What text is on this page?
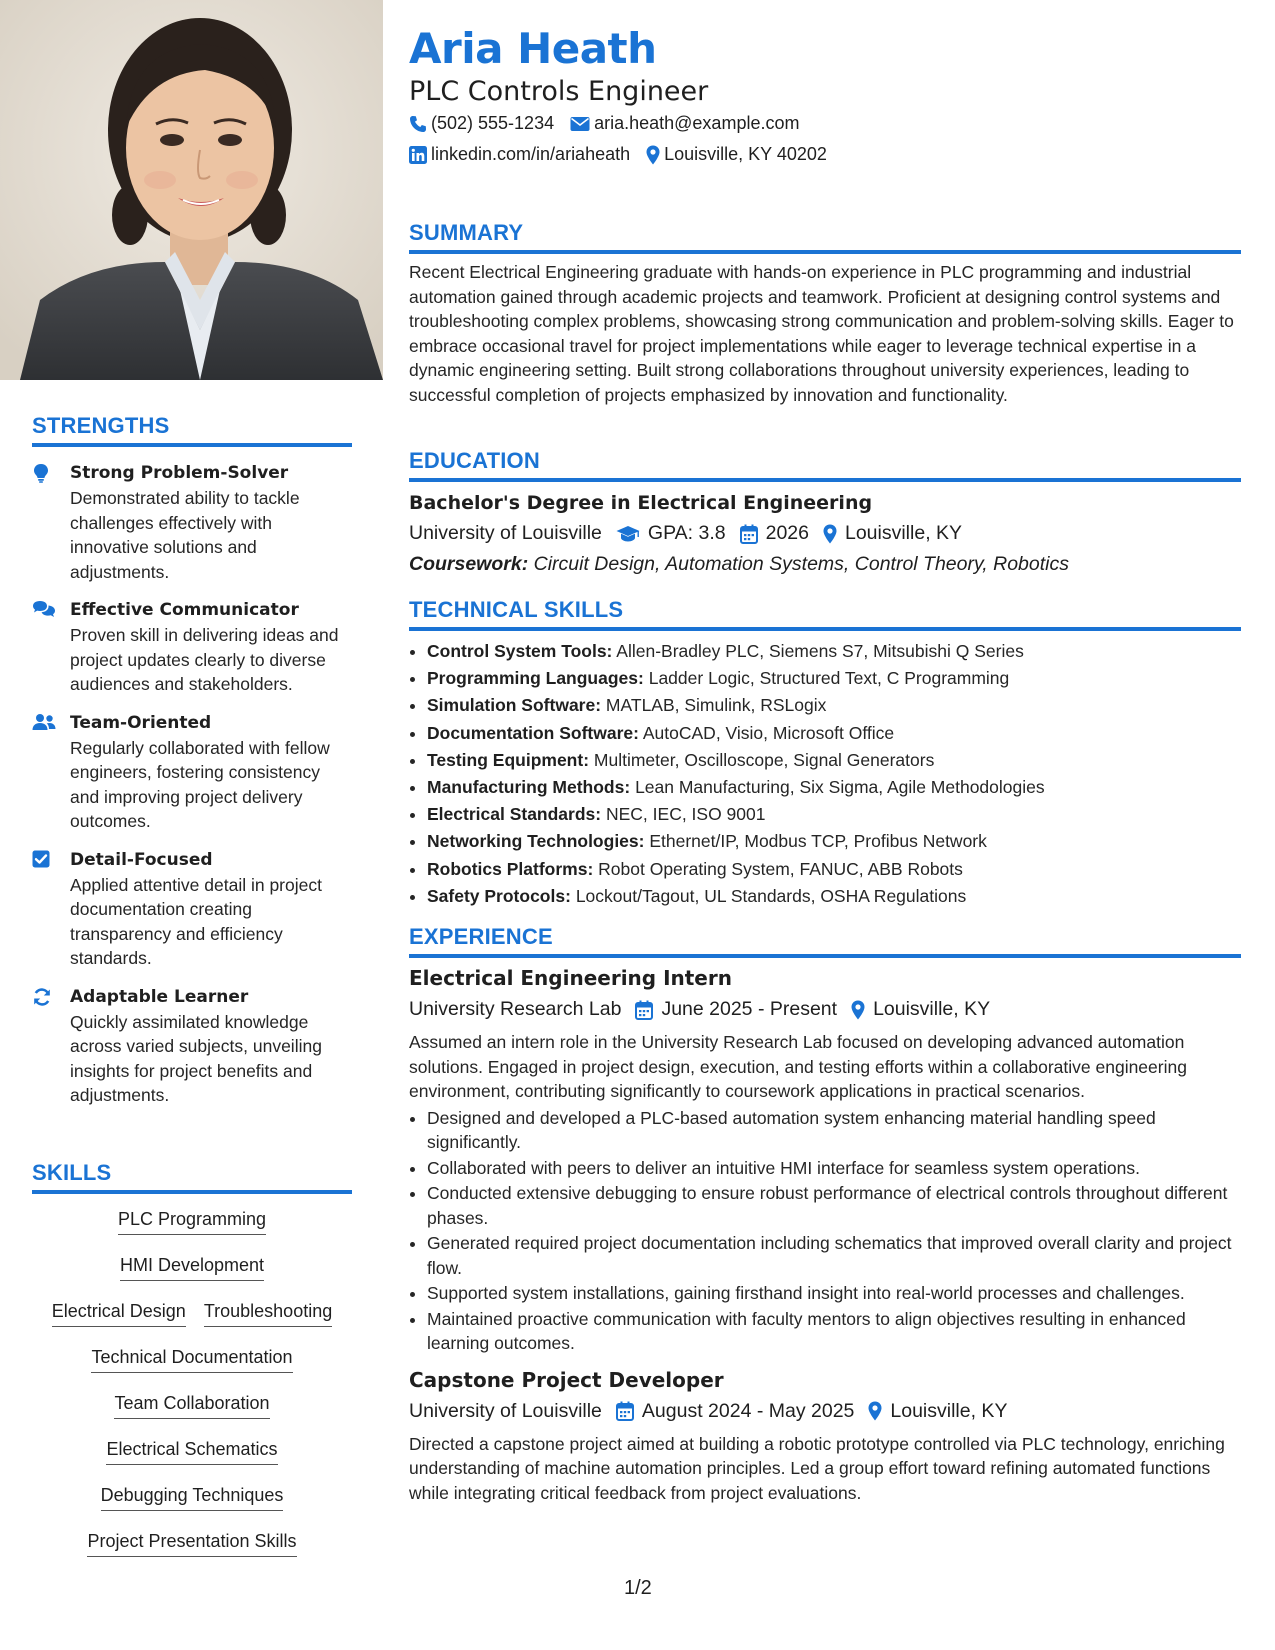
STRENGTHS
Strong Problem-Solver
Demonstrated ability to tackle challenges effectively with innovative solutions and adjustments.
Effective Communicator
Proven skill in delivering ideas and project updates clearly to diverse audiences and stakeholders.
Team-Oriented
Regularly collaborated with fellow engineers, fostering consistency and improving project delivery outcomes.
Detail-Focused
Applied attentive detail in project documentation creating transparency and efficiency standards.
Adaptable Learner
Quickly assimilated knowledge across varied subjects, unveiling insights for project benefits and adjustments.
SKILLS
PLC Programming
HMI Development
Electrical Design Troubleshooting
Technical Documentation
Team Collaboration
Electrical Schematics
Debugging Techniques
Project Presentation Skills
Aria Heath
PLC Controls Engineer
(502) 555-1234 aria.heath@example.com
linkedin.com/in/ariaheath Louisville, KY 40202
SUMMARY
Recent Electrical Engineering graduate with hands-on experience in PLC programming and industrial automation gained through academic projects and teamwork. Proficient at designing control systems and troubleshooting complex problems, showcasing strong communication and problem-solving skills. Eager to embrace occasional travel for project implementations while eager to leverage technical expertise in a dynamic engineering setting. Built strong collaborations throughout university experiences, leading to successful completion of projects emphasized by innovation and functionality.
EDUCATION
Bachelor's Degree in Electrical Engineering
University of Louisville GPA: 3.8 2026 Louisville, KY
Coursework: Circuit Design, Automation Systems, Control Theory, Robotics
TECHNICAL SKILLS
• Control System Tools: Allen-Bradley PLC, Siemens S7, Mitsubishi Q Series
• Programming Languages: Ladder Logic, Structured Text, C Programming
• Simulation Software: MATLAB, Simulink, RSLogix
• Documentation Software: AutoCAD, Visio, Microsoft Office
• Testing Equipment: Multimeter, Oscilloscope, Signal Generators
• Manufacturing Methods: Lean Manufacturing, Six Sigma, Agile Methodologies
• Electrical Standards: NEC, IEC, ISO 9001
• Networking Technologies: Ethernet/IP, Modbus TCP, Profibus Network
• Robotics Platforms: Robot Operating System, FANUC, ABB Robots
• Safety Protocols: Lockout/Tagout, UL Standards, OSHA Regulations
EXPERIENCE
Electrical Engineering Intern
University Research Lab June 2025 - Present Louisville, KY
Assumed an intern role in the University Research Lab focused on developing advanced automation solutions. Engaged in project design, execution, and testing efforts within a collaborative engineering environment, contributing significantly to coursework applications in practical scenarios.
• Designed and developed a PLC-based automation system enhancing material handling speed significantly.
• Collaborated with peers to deliver an intuitive HMI interface for seamless system operations.
• Conducted extensive debugging to ensure robust performance of electrical controls throughout different phases.
• Generated required project documentation including schematics that improved overall clarity and project flow.
• Supported system installations, gaining firsthand insight into real-world processes and challenges.
• Maintained proactive communication with faculty mentors to align objectives resulting in enhanced learning outcomes.
Capstone Project Developer
University of Louisville August 2024 - May 2025 Louisville, KY
Directed a capstone project aimed at building a robotic prototype controlled via PLC technology, enriching understanding of machine automation principles. Led a group effort toward refining automated functions while integrating critical feedback from project evaluations.
1/2
